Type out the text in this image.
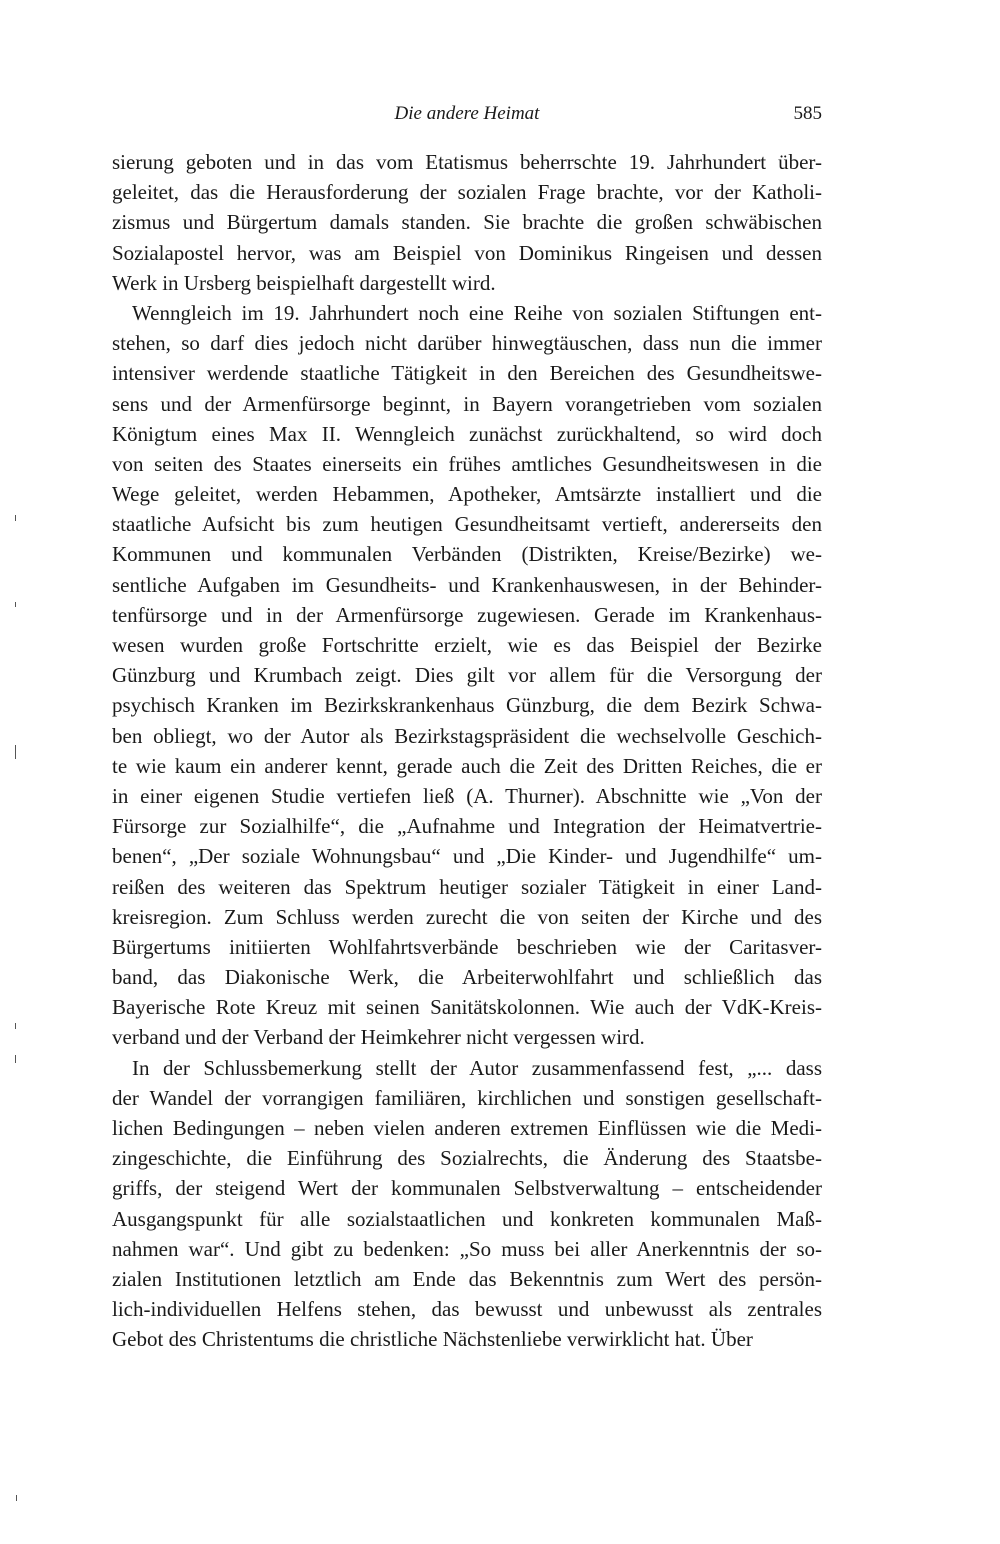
Die andere Heimat	585
sierung geboten und in das vom Etatismus beherrschte 19. Jahrhundert über-
geleitet, das die Herausforderung der sozialen Frage brachte, vor der Katholi-
zismus und Bürgertum damals standen. Sie brachte die großen schwäbischen
Sozialapostel hervor, was am Beispiel von Dominikus Ringeisen und dessen
Werk in Ursberg beispielhaft dargestellt wird.
Wenngleich im 19. Jahrhundert noch eine Reihe von sozialen Stiftungen ent-
stehen, so darf dies jedoch nicht darüber hinwegtäuschen, dass nun die immer
intensiver werdende staatliche Tätigkeit in den Bereichen des Gesundheitswe-
sens und der Armenfürsorge beginnt, in Bayern vorangetrieben vom sozialen
Königtum eines Max II. Wenngleich zunächst zurückhaltend, so wird doch
von seiten des Staates einerseits ein frühes amtliches Gesundheitswesen in die
Wege geleitet, werden Hebammen, Apotheker, Amtsärzte installiert und die
staatliche Aufsicht bis zum heutigen Gesundheitsamt vertieft, andererseits den
Kommunen und kommunalen Verbänden (Distrikten, Kreise/Bezirke) we-
sentliche Aufgaben im Gesundheits- und Krankenhauswesen, in der Behinder-
tenfürsorge und in der Armenfürsorge zugewiesen. Gerade im Krankenhaus-
wesen wurden große Fortschritte erzielt, wie es das Beispiel der Bezirke
Günzburg und Krumbach zeigt. Dies gilt vor allem für die Versorgung der
psychisch Kranken im Bezirkskrankenhaus Günzburg, die dem Bezirk Schwa-
ben obliegt, wo der Autor als Bezirkstagspräsident die wechselvolle Geschich-
te wie kaum ein anderer kennt, gerade auch die Zeit des Dritten Reiches, die er
in einer eigenen Studie vertiefen ließ (A. Thurner). Abschnitte wie „Von der
Fürsorge zur Sozialhilfe“, die „Aufnahme und Integration der Heimatvertrie-
benen“, „Der soziale Wohnungsbau“ und „Die Kinder- und Jugendhilfe“ um-
reißen des weiteren das Spektrum heutiger sozialer Tätigkeit in einer Land-
kreisregion. Zum Schluss werden zurecht die von seiten der Kirche und des
Bürgertums initiierten Wohlfahrtsverbände beschrieben wie der Caritasver-
band, das Diakonische Werk, die Arbeiterwohlfahrt und schließlich das
Bayerische Rote Kreuz mit seinen Sanitätskolonnen. Wie auch der VdK-Kreis-
verband und der Verband der Heimkehrer nicht vergessen wird.
In der Schlussbemerkung stellt der Autor zusammenfassend fest, „... dass
der Wandel der vorrangigen familiären, kirchlichen und sonstigen gesellschaft-
lichen Bedingungen – neben vielen anderen extremen Einflüssen wie die Medi-
zingeschichte, die Einführung des Sozialrechts, die Änderung des Staatsbe-
griffs, der steigend Wert der kommunalen Selbstverwaltung – entscheidender
Ausgangspunkt für alle sozialstaatlichen und konkreten kommunalen Maß-
nahmen war“. Und gibt zu bedenken: „So muss bei aller Anerkenntnis der so-
zialen Institutionen letztlich am Ende das Bekenntnis zum Wert des persön-
lich-individuellen Helfens stehen, das bewusst und unbewusst als zentrales
Gebot des Christentums die christliche Nächstenliebe verwirklicht hat. Über
